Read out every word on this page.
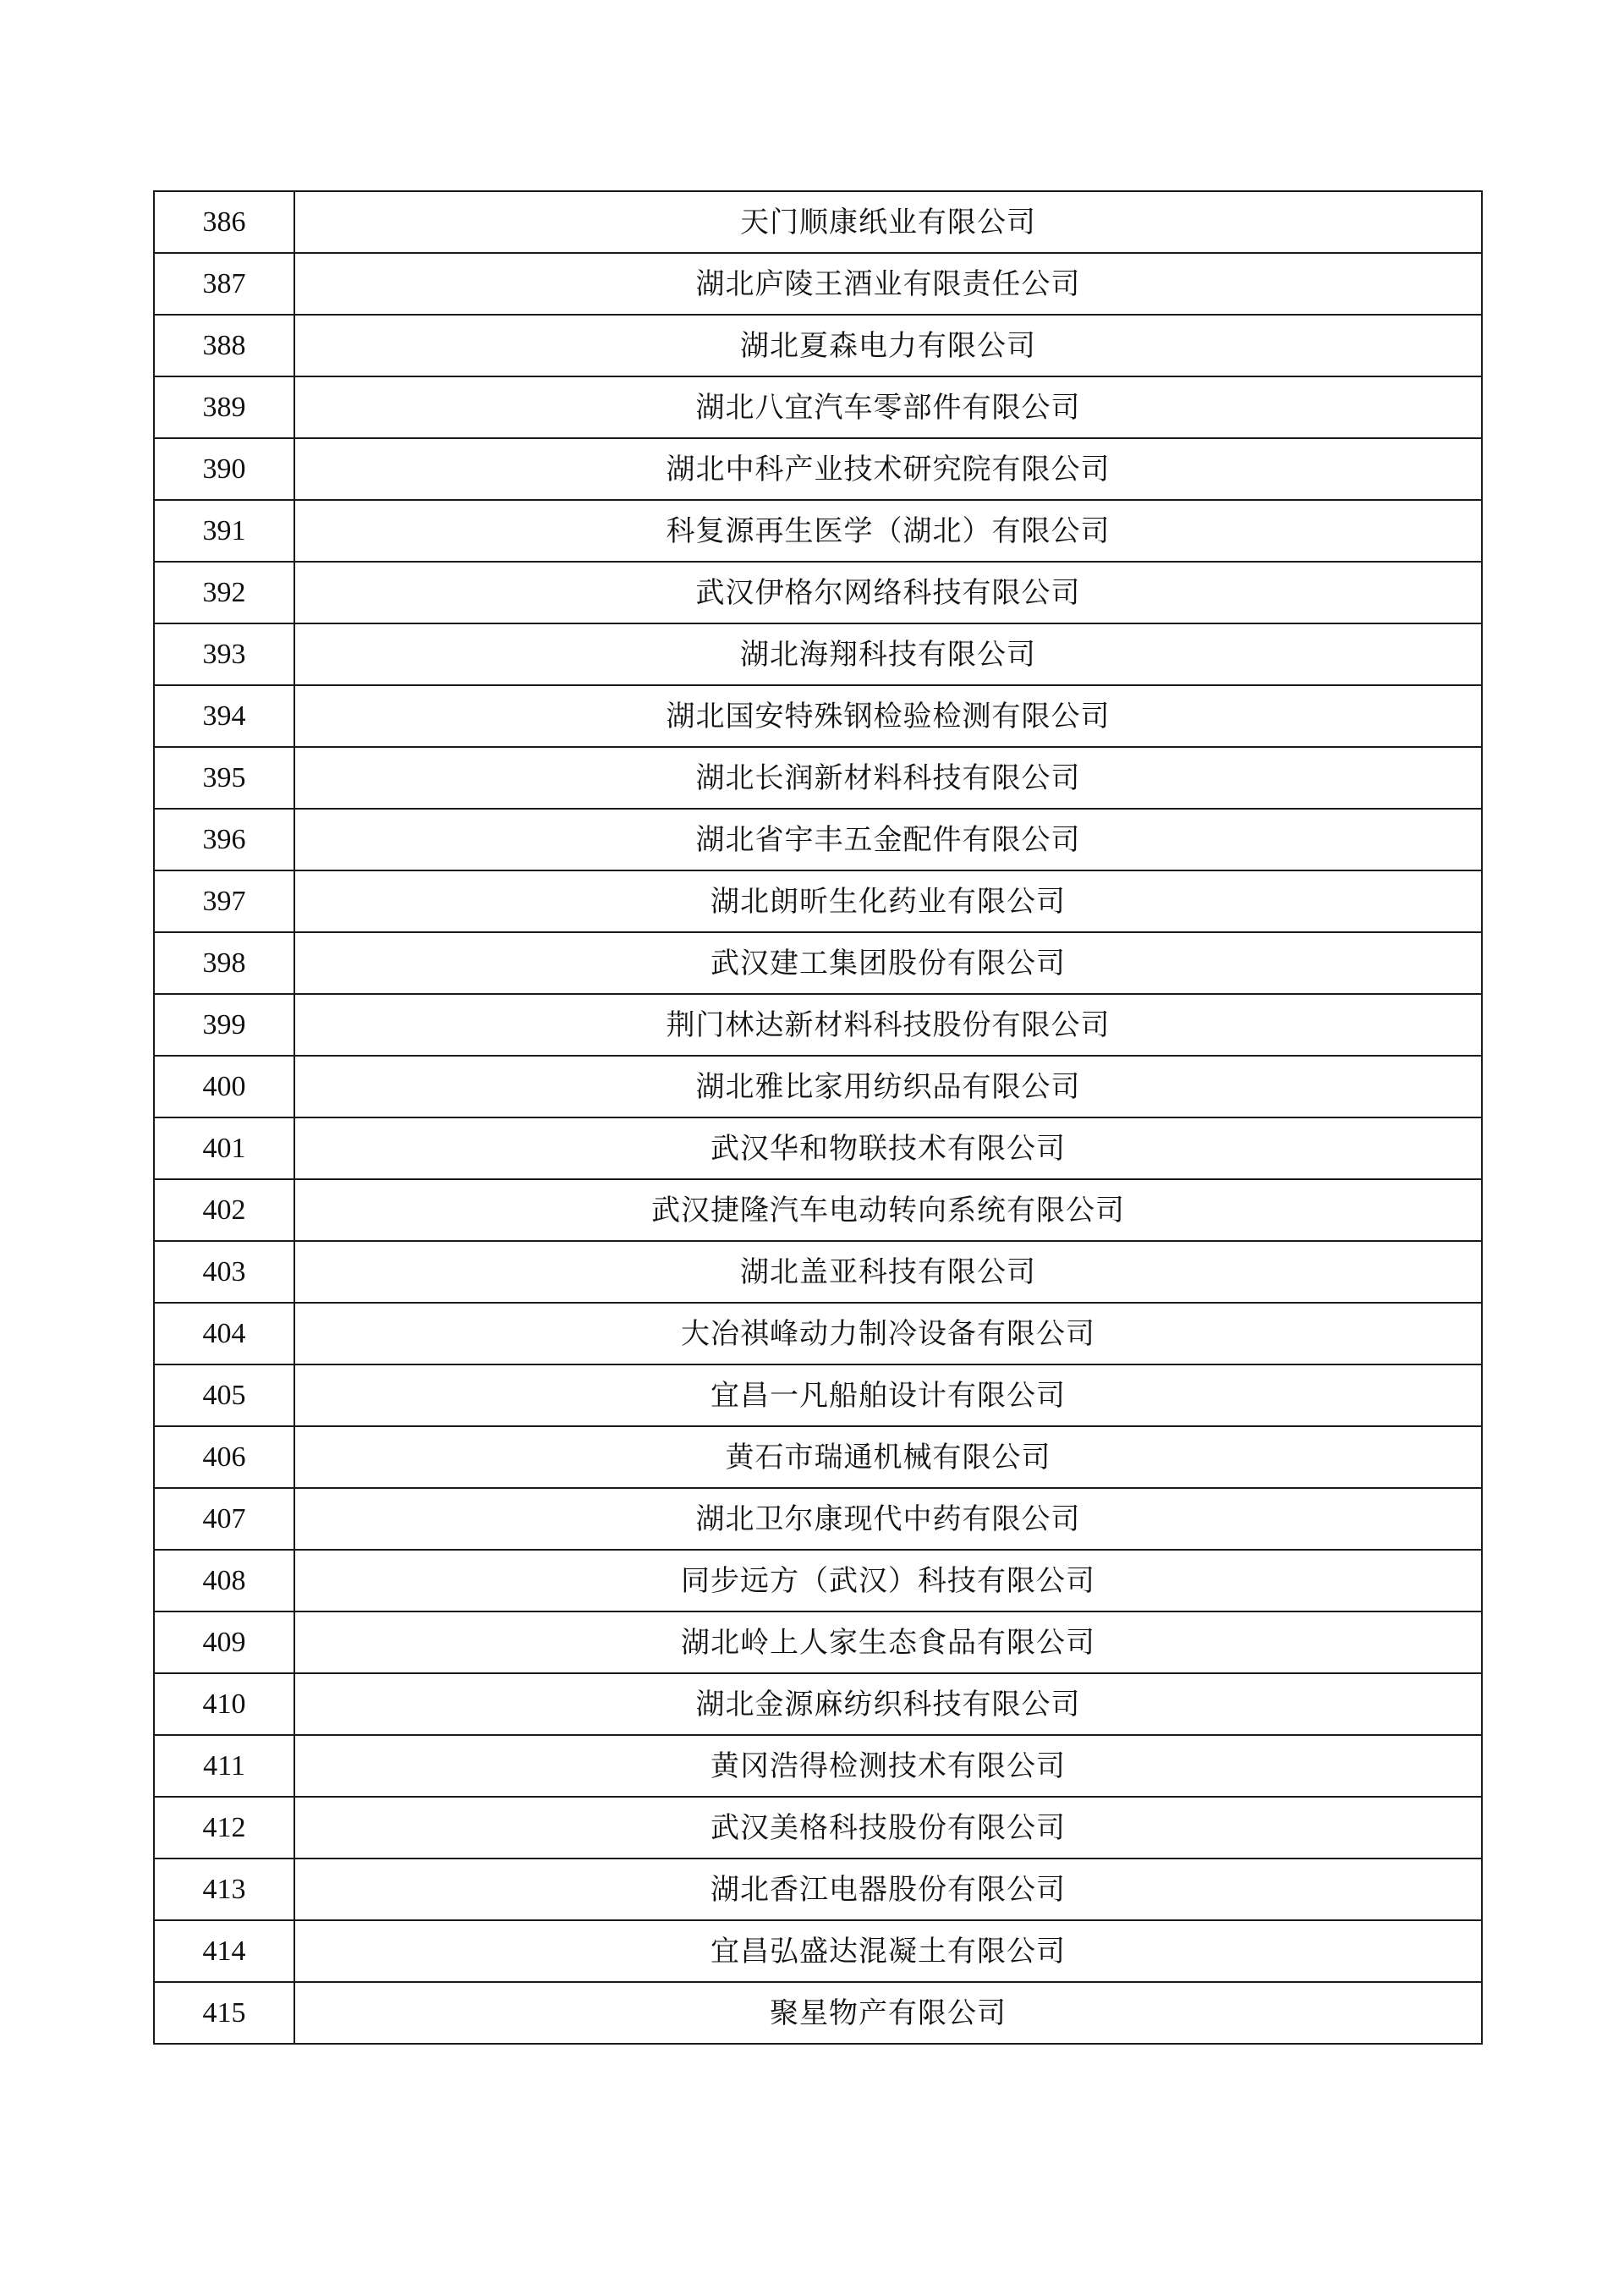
386	天门顺康纸业有限公司
387	湖北庐陵王酒业有限责任公司
388	湖北夏森电力有限公司
389	湖北八宜汽车零部件有限公司
390	湖北中科产业技术研究院有限公司
391	科复源再生医学（湖北）有限公司
392	武汉伊格尔网络科技有限公司
393	湖北海翔科技有限公司
394	湖北国安特殊钢检验检测有限公司
395	湖北长润新材料科技有限公司
396	湖北省宇丰五金配件有限公司
397	湖北朗昕生化药业有限公司
398	武汉建工集团股份有限公司
399	荆门林达新材料科技股份有限公司
400	湖北雅比家用纺织品有限公司
401	武汉华和物联技术有限公司
402	武汉捷隆汽车电动转向系统有限公司
403	湖北盖亚科技有限公司
404	大冶祺峰动力制冷设备有限公司
405	宜昌一凡船舶设计有限公司
406	黄石市瑞通机械有限公司
407	湖北卫尔康现代中药有限公司
408	同步远方（武汉）科技有限公司
409	湖北岭上人家生态食品有限公司
410	湖北金源麻纺织科技有限公司
411	黄冈浩得检测技术有限公司
412	武汉美格科技股份有限公司
413	湖北香江电器股份有限公司
414	宜昌弘盛达混凝土有限公司
415	聚星物产有限公司
